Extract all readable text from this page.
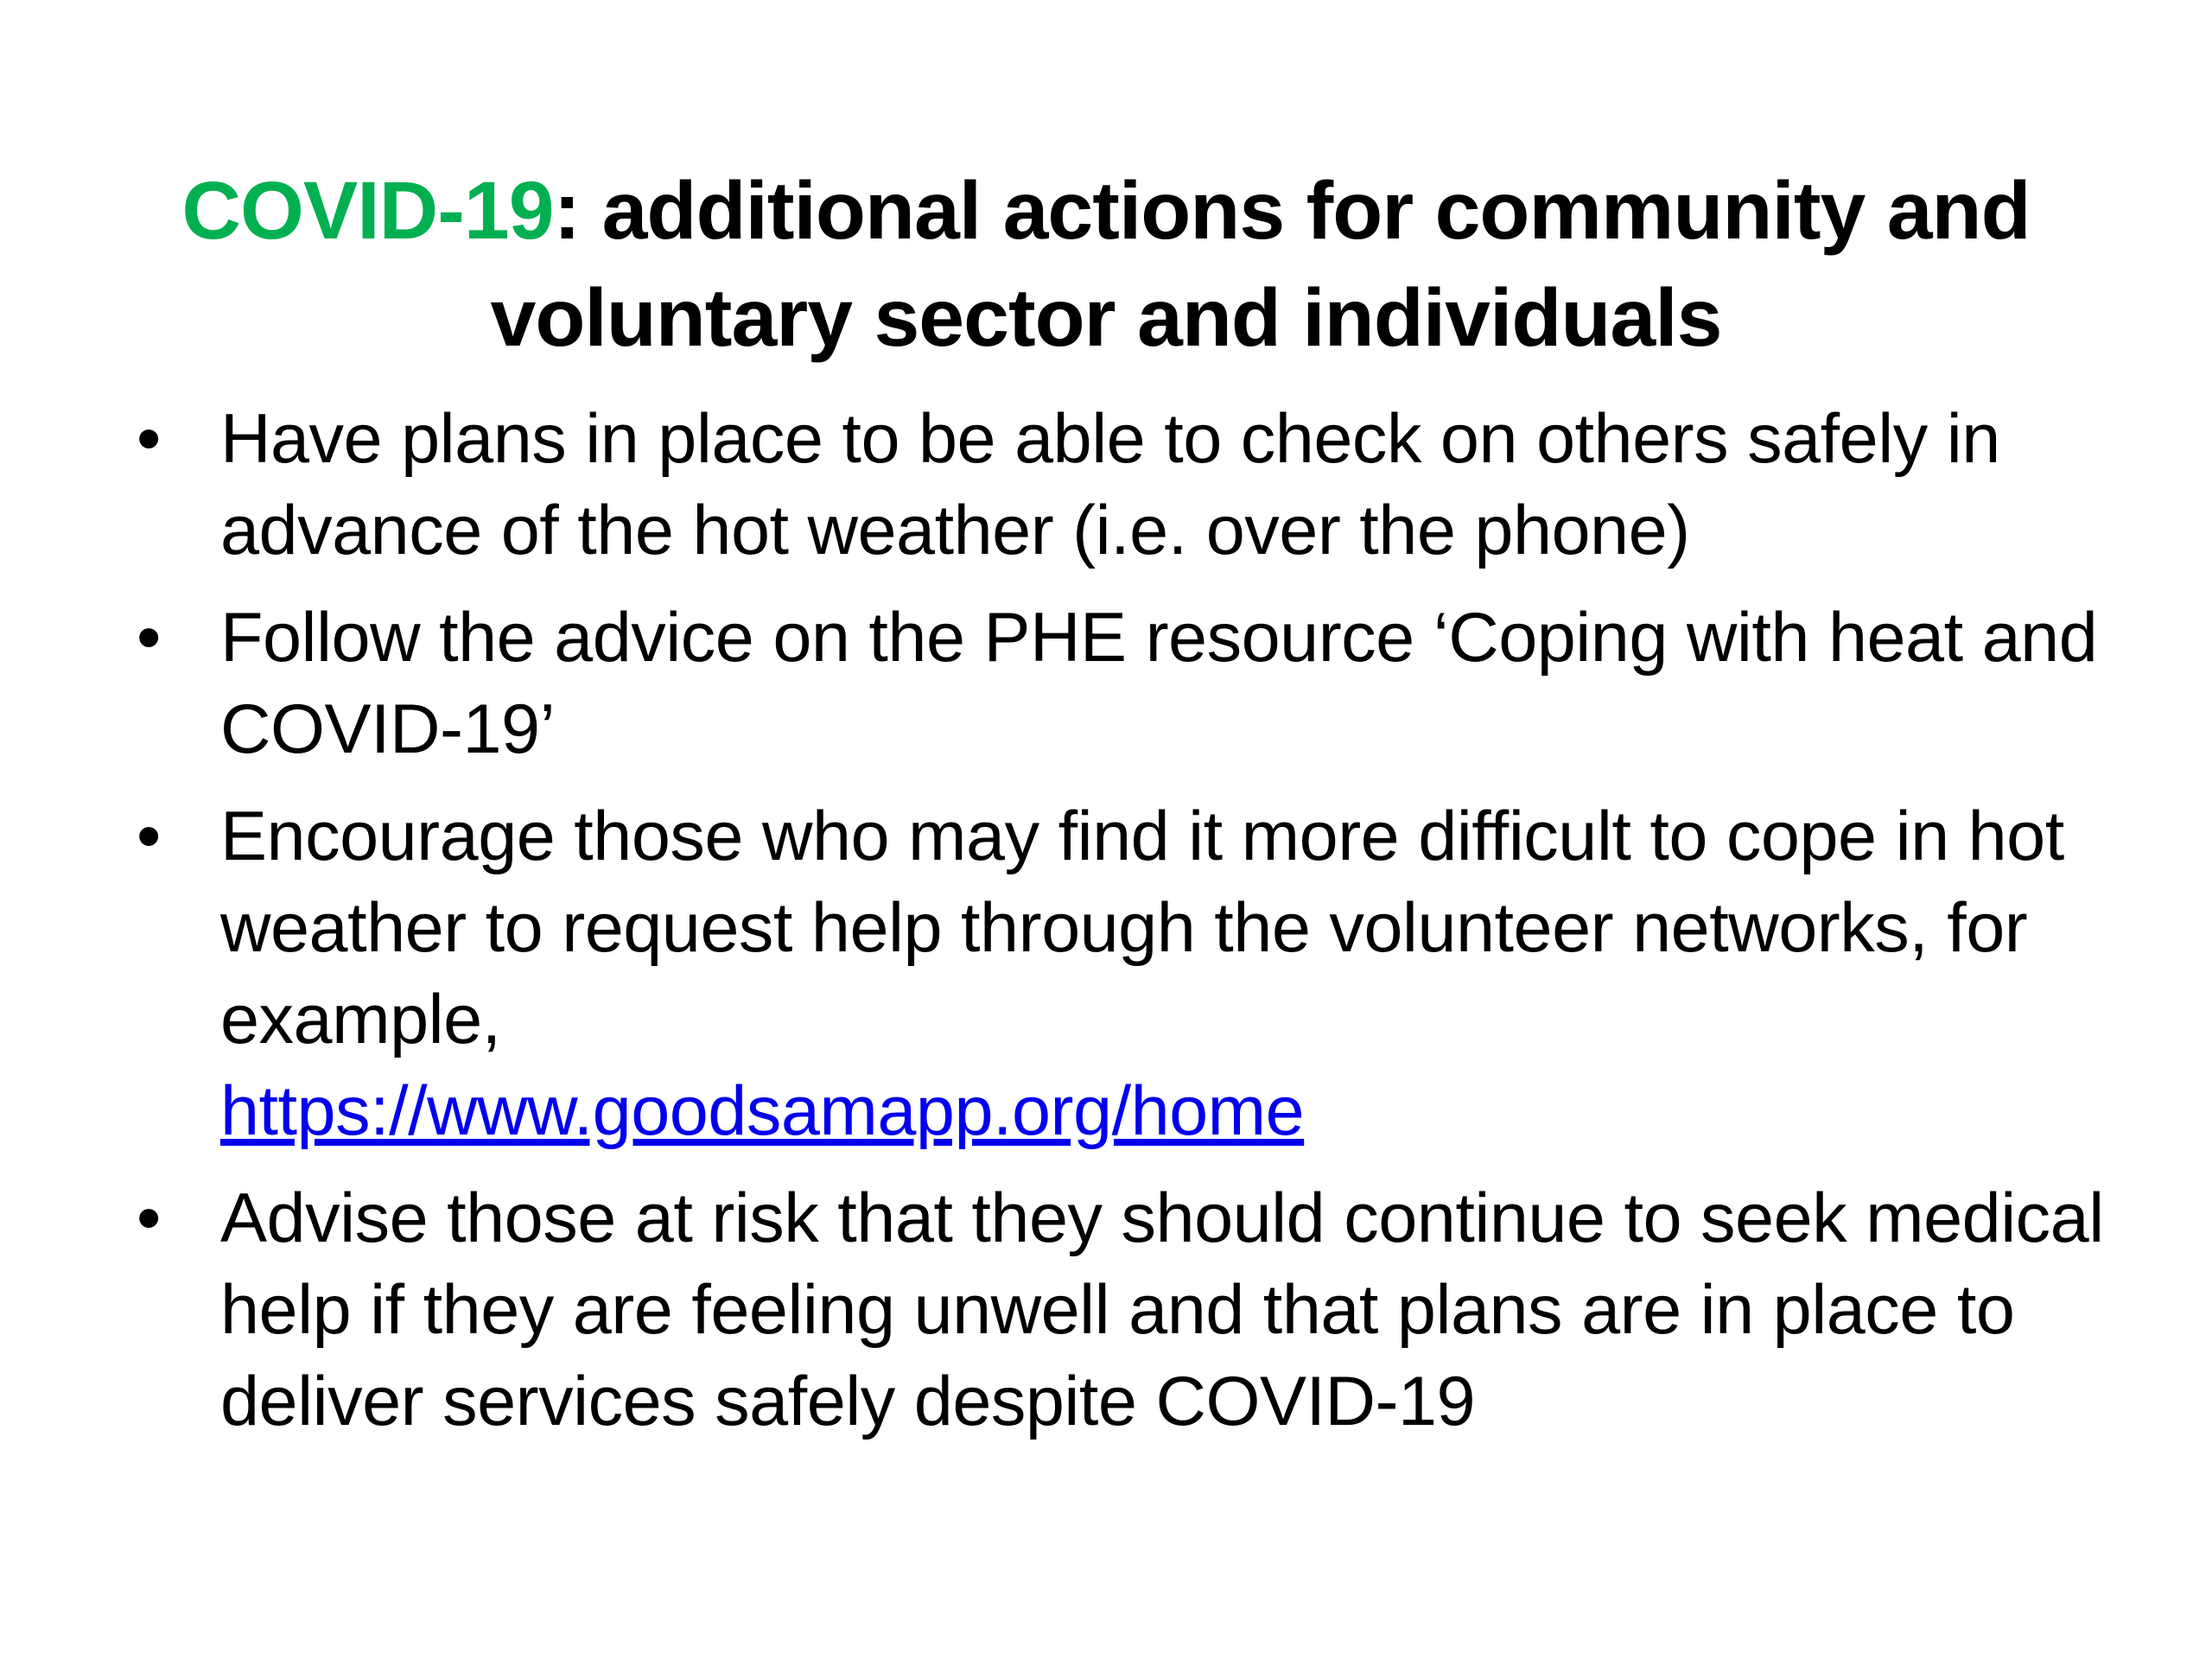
COVID-19: additional actions for community and voluntary sector and individuals
• Have plans in place to be able to check on others safely in advance of the hot weather (i.e. over the phone)
• Follow the advice on the PHE resource ‘Coping with heat and COVID-19’
• Encourage those who may find it more difficult to cope in hot weather to request help through the volunteer networks, for example,
https://www.goodsamapp.org/home
• Advise those at risk that they should continue to seek medical help if they are feeling unwell and that plans are in place to deliver services safely despite COVID-19
